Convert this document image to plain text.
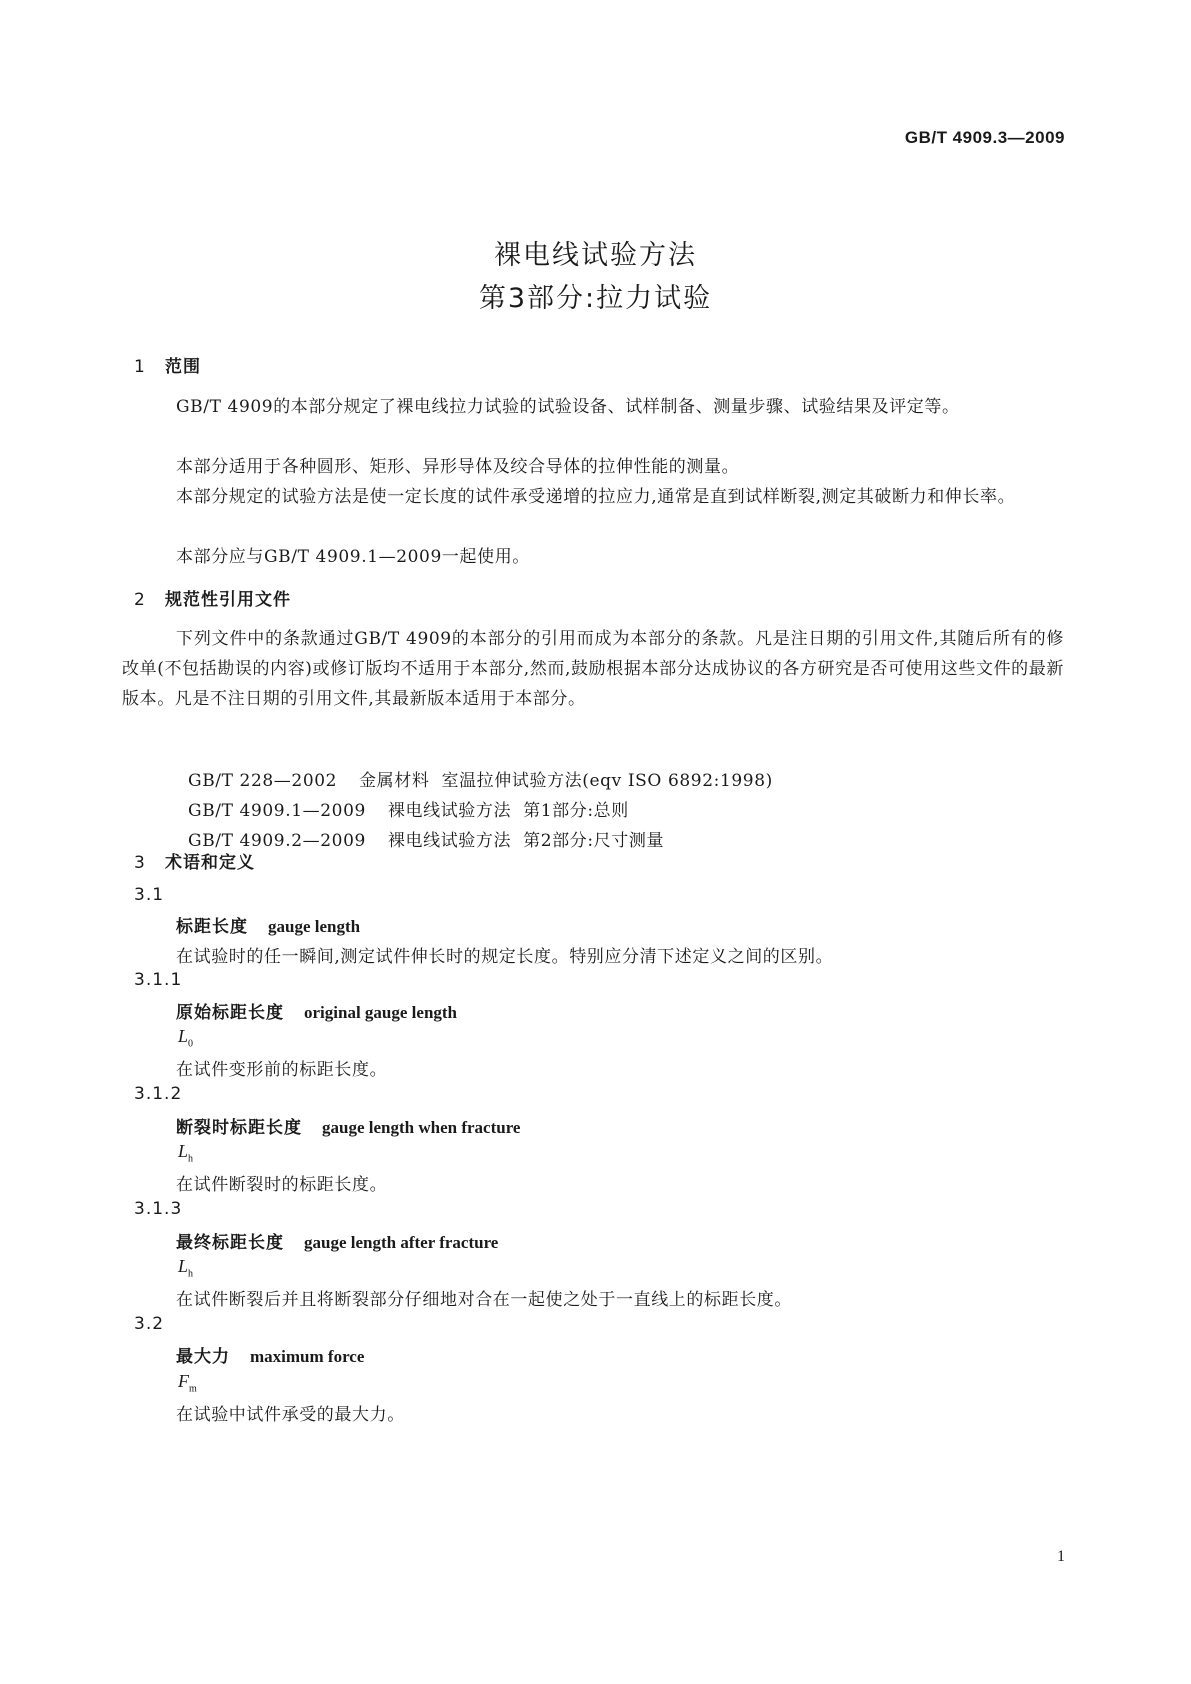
GB/T 4909.3—2009
裸电线试验方法
第3部分:拉力试验
1 范围

GB/T 4909的本部分规定了裸电线拉力试验的试验设备、试样制备、测量步骤、试验结果及评定等。

本部分适用于各种圆形、矩形、异形导体及绞合导体的拉伸性能的测量。

本部分规定的试验方法是使一定长度的试件承受递增的拉应力,通常是直到试样断裂,测定其破断力和伸长率。

本部分应与GB/T 4909.1—2009一起使用。

2 规范性引用文件

下列文件中的条款通过GB/T 4909的本部分的引用而成为本部分的条款。凡是注日期的引用文件,其随后所有的修改单(不包括勘误的内容)或修订版均不适用于本部分,然而,鼓励根据本部分达成协议的各方研究是否可使用这些文件的最新版本。凡是不注日期的引用文件,其最新版本适用于本部分。

GB/T 228—2002 金属材料  室温拉伸试验方法(eqv ISO 6892:1998)

GB/T 4909.1—2009 裸电线试验方法  第1部分:总则

GB/T 4909.2—2009 裸电线试验方法  第2部分:尺寸测量

3 术语和定义
3.1
标距长度 gauge length
在试验时的任一瞬间,测定试件伸长时的规定长度。特别应分清下述定义之间的区别。
3.1.1
原始标距长度 original gauge length
$L_0$
在试件变形前的标距长度。
3.1.2
断裂时标距长度 gauge length when fracture
$L_h$
在试件断裂时的标距长度。
3.1.3
最终标距长度 gauge length after fracture
$L_h$
在试件断裂后并且将断裂部分仔细地对合在一起使之处于一直线上的标距长度。
3.2
最大力 maximum force
$F_m$
在试验中试件承受的最大力。
1
